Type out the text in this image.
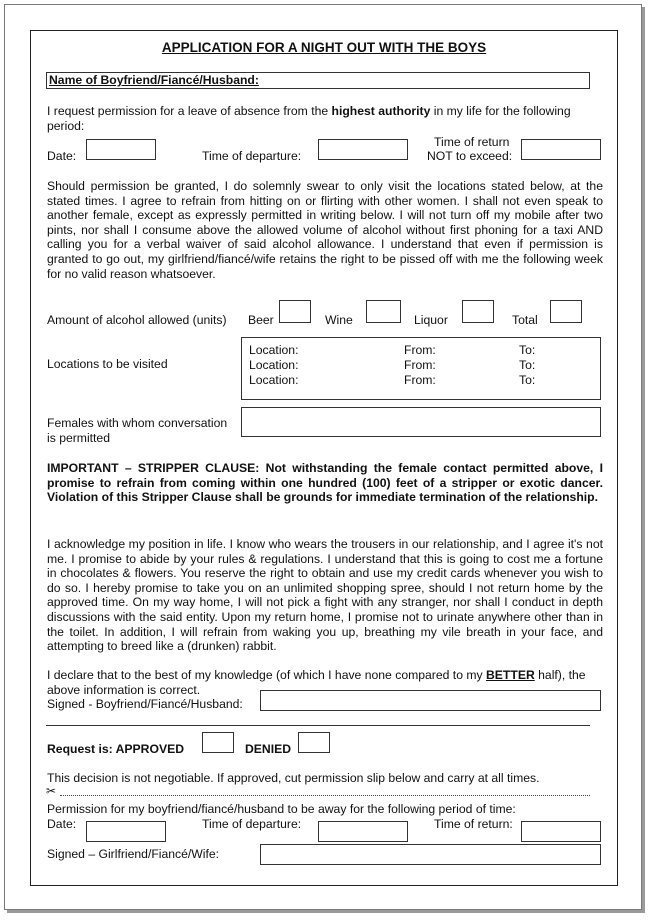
APPLICATION FOR A NIGHT OUT WITH THE BOYS
Name of Boyfriend/Fiancé/Husband:
I request permission for a leave of absence from the highest authority in my life for the following period:
Date:	Time of departure:
Time of return
NOT to exceed:
Should permission be granted, I do solemnly swear to only visit the locations stated below, at the stated times. I agree to refrain from hitting on or flirting with other women. I shall not even speak to another female, except as expressly permitted in writing below. I will not turn off my mobile after two pints, nor shall I consume above the allowed volume of alcohol without first phoning for a taxi AND calling you for a verbal waiver of said alcohol allowance. I understand that even if permission is granted to go out, my girlfriend/fiancé/wife retains the right to be pissed off with me the following week for no valid reason whatsoever.
Amount of alcohol allowed (units) Beer	Wine	Liquor	Total
Locations to be visited
Location:	From:	To:
Location:	From:	To:
Location:	From:	To:
Females with whom conversation
is permitted
IMPORTANT – STRIPPER CLAUSE: Not withstanding the female contact permitted above, I promise to refrain from coming within one hundred (100) feet of a stripper or exotic dancer. Violation of this Stripper Clause shall be grounds for immediate termination of the relationship.
I acknowledge my position in life. I know who wears the trousers in our relationship, and I agree it's not me. I promise to abide by your rules & regulations. I understand that this is going to cost me a fortune in chocolates & flowers. You reserve the right to obtain and use my credit cards whenever you wish to do so. I hereby promise to take you on an unlimited shopping spree, should I not return home by the approved time. On my way home, I will not pick a fight with any stranger, nor shall I conduct in depth discussions with the said entity. Upon my return home, I promise not to urinate anywhere other than in the toilet. In addition, I will refrain from waking you up, breathing my vile breath in your face, and attempting to breed like a (drunken) rabbit.
I declare that to the best of my knowledge (of which I have none compared to my BETTER half), the above information is correct.
Signed - Boyfriend/Fiancé/Husband:
Request is: APPROVED	DENIED
This decision is not negotiable. If approved, cut permission slip below and carry at all times.
✂
Permission for my boyfriend/fiancé/husband to be away for the following period of time:
Date:	Time of departure:	Time of return:
Signed – Girlfriend/Fiancé/Wife:
